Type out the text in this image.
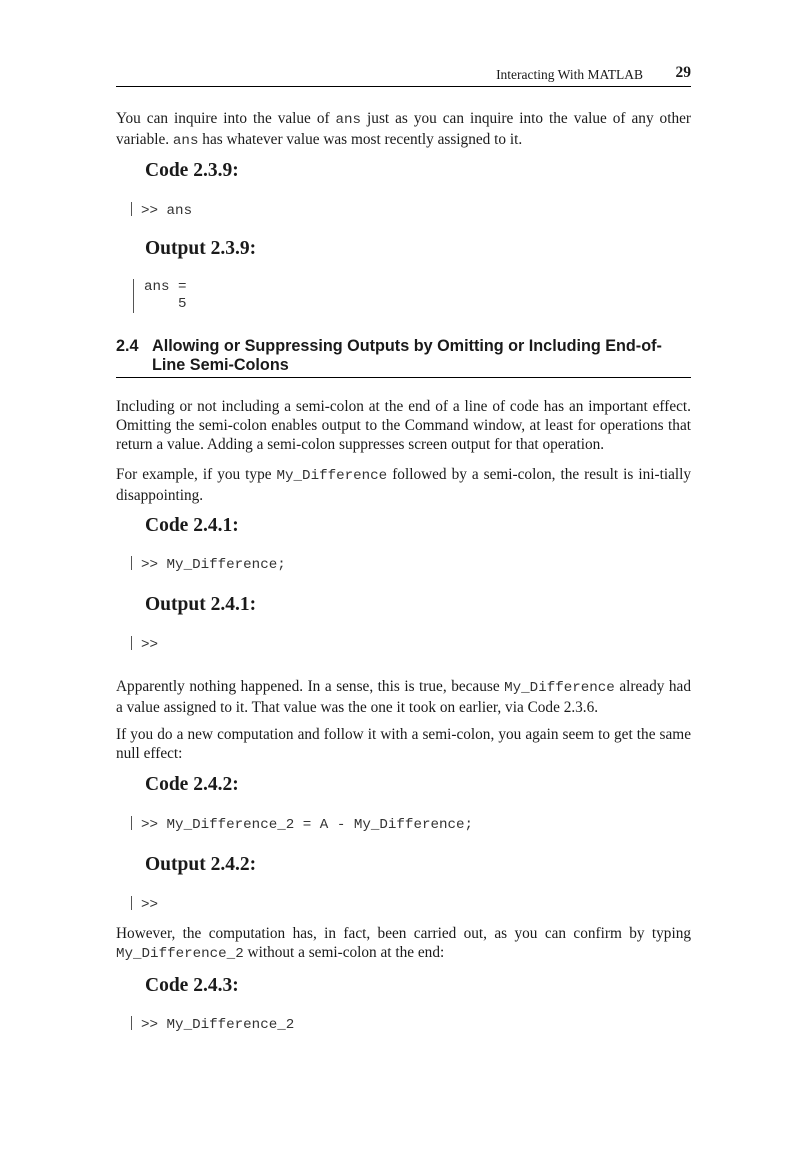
Interacting With MATLAB 29

You can inquire into the value of ans just as you can inquire into the value of any other variable. ans has whatever value was most recently assigned to it.

Code 2.3.9:
>> ans
Output 2.3.9:
ans =
5
2.4 Allowing or Suppressing Outputs by Omitting or Including End-of-Line Semi-Colons

Including or not including a semi-colon at the end of a line of code has an important effect. Omitting the semi-colon enables output to the Command window, at least for operations that return a value. Adding a semi-colon suppresses screen output for that operation.

For example, if you type My_Difference followed by a semi-colon, the result is ini-tially disappointing.

Code 2.4.1:
>> My_Difference;
Output 2.4.1:
>>

Apparently nothing happened. In a sense, this is true, because My_Difference already had a value assigned to it. That value was the one it took on earlier, via Code 2.3.6.

If you do a new computation and follow it with a semi-colon, you again seem to get the same null effect:

Code 2.4.2:
>> My_Difference_2 = A - My_Difference;
Output 2.4.2:
>>

However, the computation has, in fact, been carried out, as you can confirm by typing My_Difference_2 without a semi-colon at the end:

Code 2.4.3:
>> My_Difference_2
